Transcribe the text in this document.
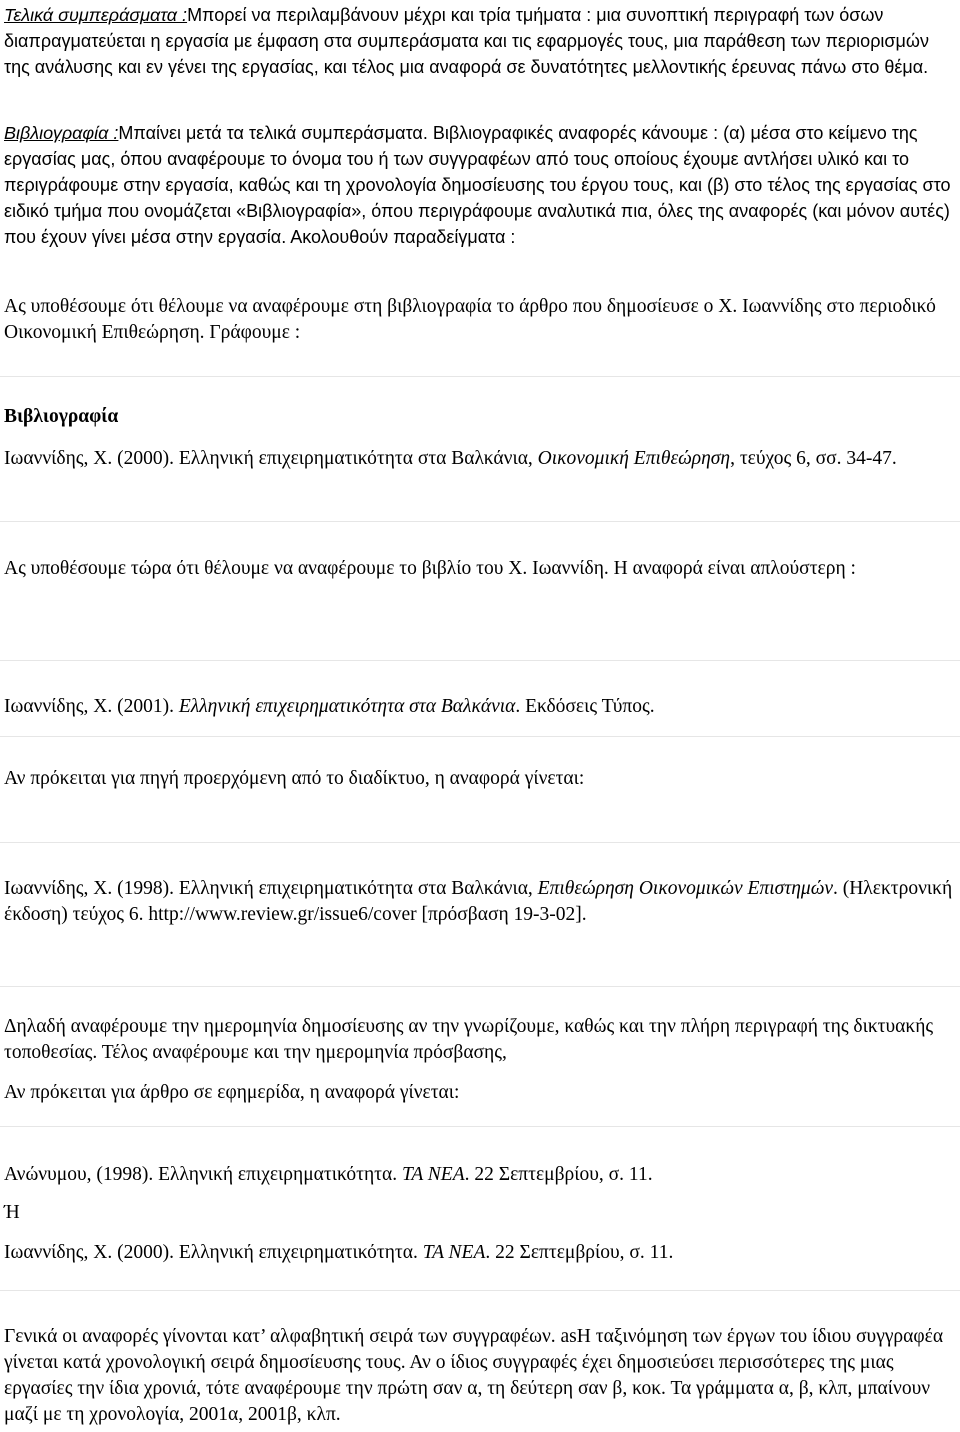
Τελικά συμπεράσματα :Μπορεί να περιλαμβάνουν μέχρι και τρία τμήματα : μια συνοπτική περιγραφή των όσων διαπραγματεύεται η εργασία με έμφαση στα συμπεράσματα και τις εφαρμογές τους, μια παράθεση των περιορισμών της ανάλυσης και εν γένει της εργασίας, και τέλος μια αναφορά σε δυνατότητες μελλοντικής έρευνας πάνω στο θέμα.

Βιβλιογραφία :Μπαίνει μετά τα τελικά συμπεράσματα. Βιβλιογραφικές αναφορές κάνουμε : (α) μέσα στο κείμενο της εργασίας μας, όπου αναφέρουμε το όνομα του ή των συγγραφέων από τους οποίους έχουμε αντλήσει υλικό και το περιγράφουμε στην εργασία, καθώς και τη χρονολογία δημοσίευσης του έργου τους, και (β) στο τέλος της εργασίας στο ειδικό τμήμα που ονομάζεται «Βιβλιογραφία», όπου περιγράφουμε αναλυτικά πια, όλες της αναφορές (και μόνον αυτές) που έχουν γίνει μέσα στην εργασία. Ακολουθούν παραδείγματα :

Ας υποθέσουμε ότι θέλουμε να αναφέρουμε στη βιβλιογραφία το άρθρο που δημοσίευσε ο Χ. Ιωαννίδης στο περιοδικό Οικονομική Επιθεώρηση. Γράφουμε :

Βιβλιογραφία

Ιωαννίδης, Χ. (2000). Ελληνική επιχειρηματικότητα στα Βαλκάνια, Οικονομική Επιθεώρηση, τεύχος 6, σσ. 34-47.

Ας υποθέσουμε τώρα ότι θέλουμε να αναφέρουμε το βιβλίο του Χ. Ιωαννίδη. Η αναφορά είναι απλούστερη :

Ιωαννίδης, Χ. (2001). Ελληνική επιχειρηματικότητα στα Βαλκάνια. Εκδόσεις Τύπος.

Αν πρόκειται για πηγή προερχόμενη από το διαδίκτυο, η αναφορά γίνεται:

Ιωαννίδης, Χ. (1998). Ελληνική επιχειρηματικότητα στα Βαλκάνια, Επιθεώρηση Οικονομικών Επιστημών. (Ηλεκτρονική έκδοση) τεύχος 6. http://www.review.gr/issue6/cover [πρόσβαση 19-3-02].

Δηλαδή αναφέρουμε την ημερομηνία δημοσίευσης αν την γνωρίζουμε, καθώς και την πλήρη περιγραφή της δικτυακής τοποθεσίας. Τέλος αναφέρουμε και την ημερομηνία πρόσβασης,

Αν πρόκειται για άρθρο σε εφημερίδα, η αναφορά γίνεται:

Ανώνυμου, (1998). Ελληνική επιχειρηματικότητα. ΤΑ ΝΕΑ. 22 Σεπτεμβρίου, σ. 11.

Ή

Ιωαννίδης, Χ. (2000). Ελληνική επιχειρηματικότητα. ΤΑ ΝΕΑ. 22 Σεπτεμβρίου, σ. 11.

Γενικά οι αναφορές γίνονται κατ’ αλφαβητική σειρά των συγγραφέων. asH ταξινόμηση των έργων του ίδιου συγγραφέα γίνεται κατά χρονολογική σειρά δημοσίευσης τους. Αν ο ίδιος συγγραφές έχει δημοσιεύσει περισσότερες της μιας εργασίες την ίδια χρονιά, τότε αναφέρουμε την πρώτη σαν α, τη δεύτερη σαν β, κοκ. Τα γράμματα α, β, κλπ, μπαίνουν μαζί με τη χρονολογία, 2001α, 2001β, κλπ.
